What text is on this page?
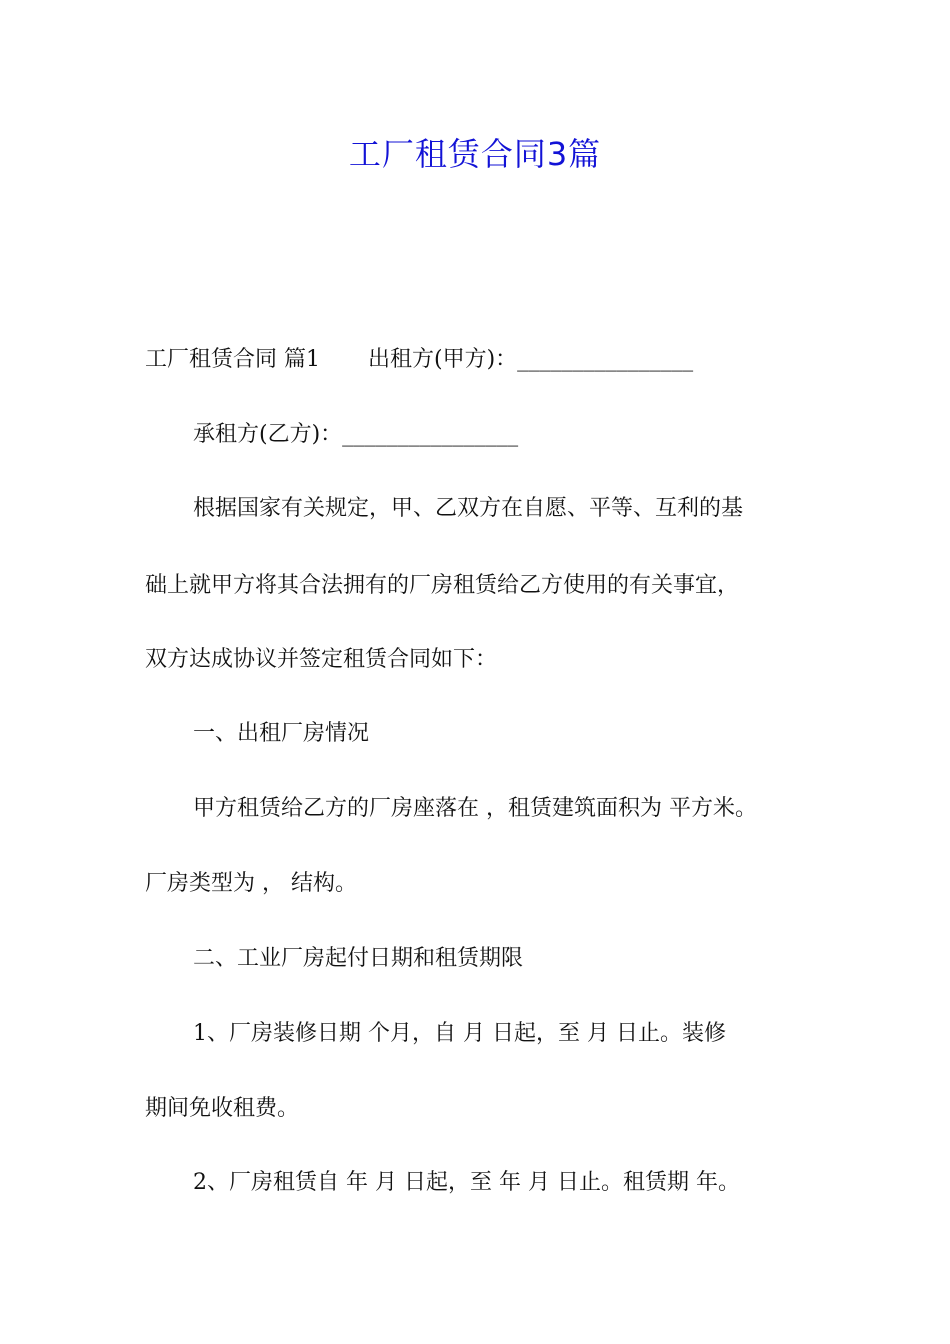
工厂租赁合同3篇

工厂租赁合同 篇1 出租方(甲方)：________________

承租方(乙方)：________________

根据国家有关规定，甲、乙双方在自愿、平等、互利的基

础上就甲方将其合法拥有的厂房租赁给乙方使用的有关事宜，

双方达成协议并签定租赁合同如下：

一、出租厂房情况

甲方租赁给乙方的厂房座落在 ，租赁建筑面积为 平方米。

厂房类型为 ， 结构。

二、工业厂房起付日期和租赁期限

1、厂房装修日期 个月，自 月 日起，至 月 日止。装修

期间免收租费。

2、厂房租赁自 年 月 日起，至 年 月 日止。租赁期 年。
